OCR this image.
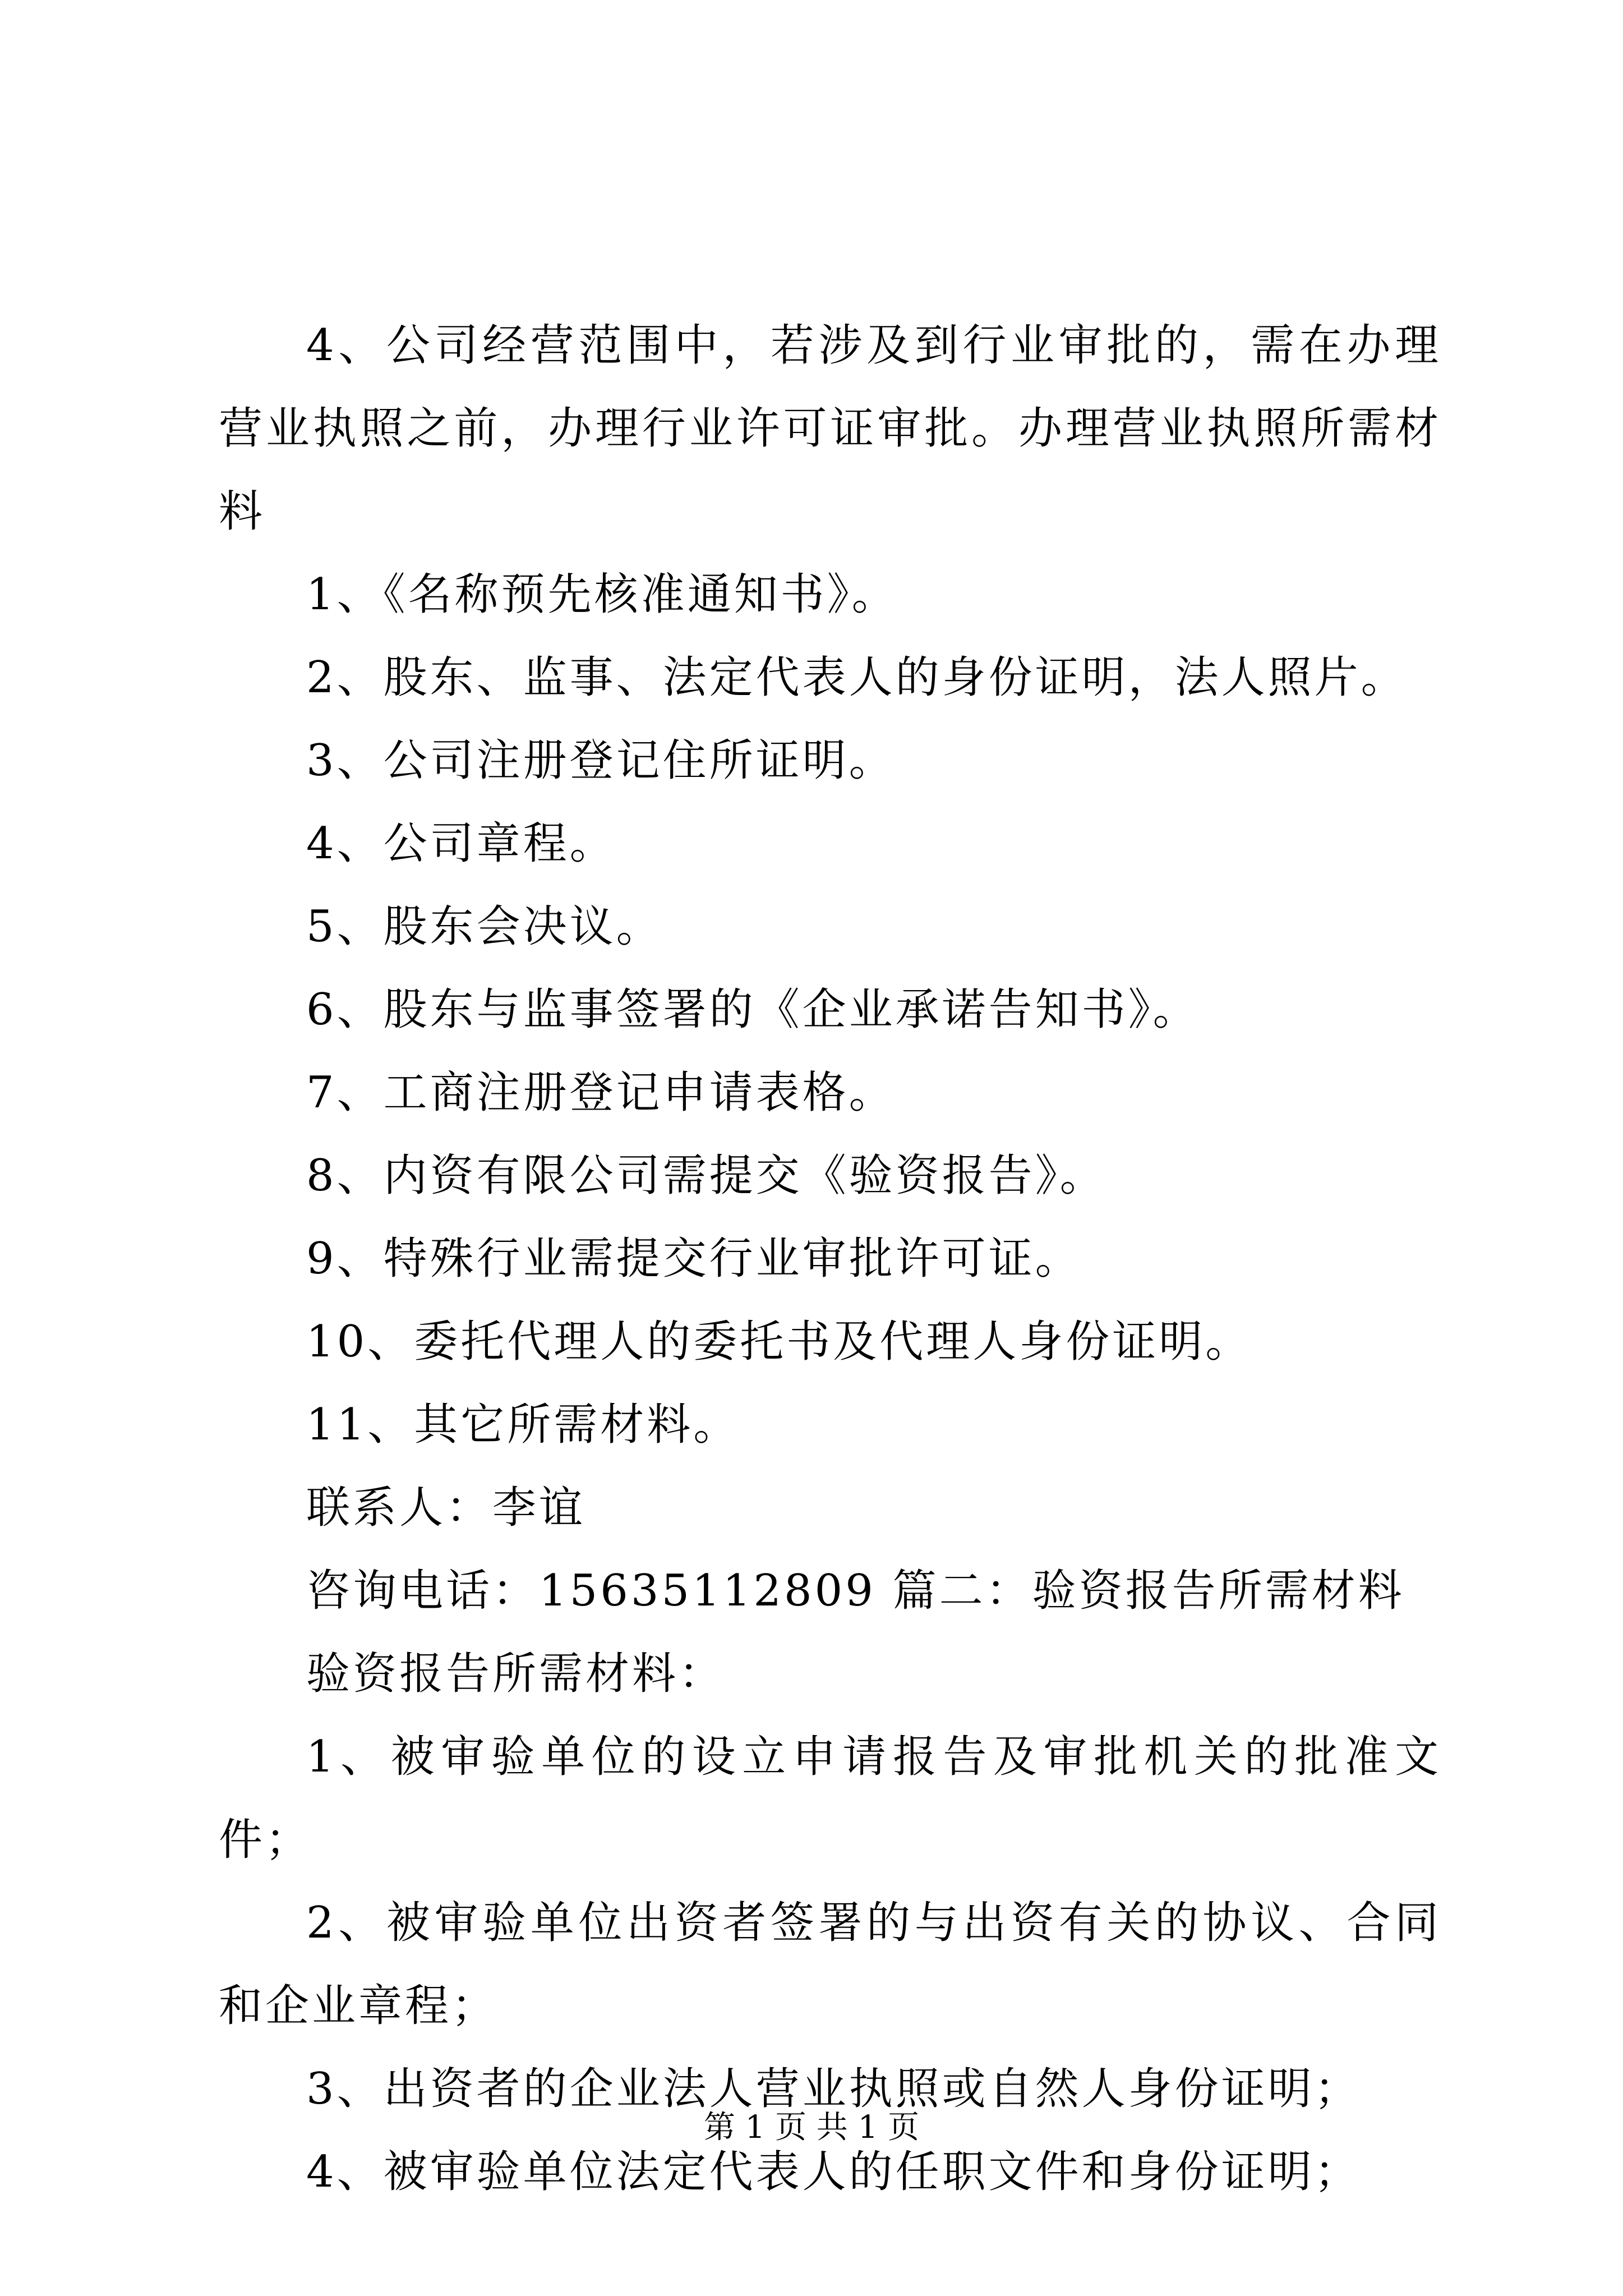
4、公司经营范围中，若涉及到行业审批的，需在办理营业执照之前，办理行业许可证审批。办理营业执照所需材料

1、《名称预先核准通知书》。

2、股东、监事、法定代表人的身份证明，法人照片。

3、公司注册登记住所证明。

4、公司章程。

5、股东会决议。

6、股东与监事签署的《企业承诺告知书》。

7、工商注册登记申请表格。

8、内资有限公司需提交《验资报告》。

9、特殊行业需提交行业审批许可证。

10、委托代理人的委托书及代理人身份证明。

11、其它所需材料。

联系人：李谊

咨询电话：15635112809 篇二：验资报告所需材料

验资报告所需材料：

1、被审验单位的设立申请报告及审批机关的批准文件；

2、被审验单位出资者签署的与出资有关的协议、合同和企业章程；

3、出资者的企业法人营业执照或自然人身份证明；

4、被审验单位法定代表人的任职文件和身份证明；

第 1 页 共 1 页
